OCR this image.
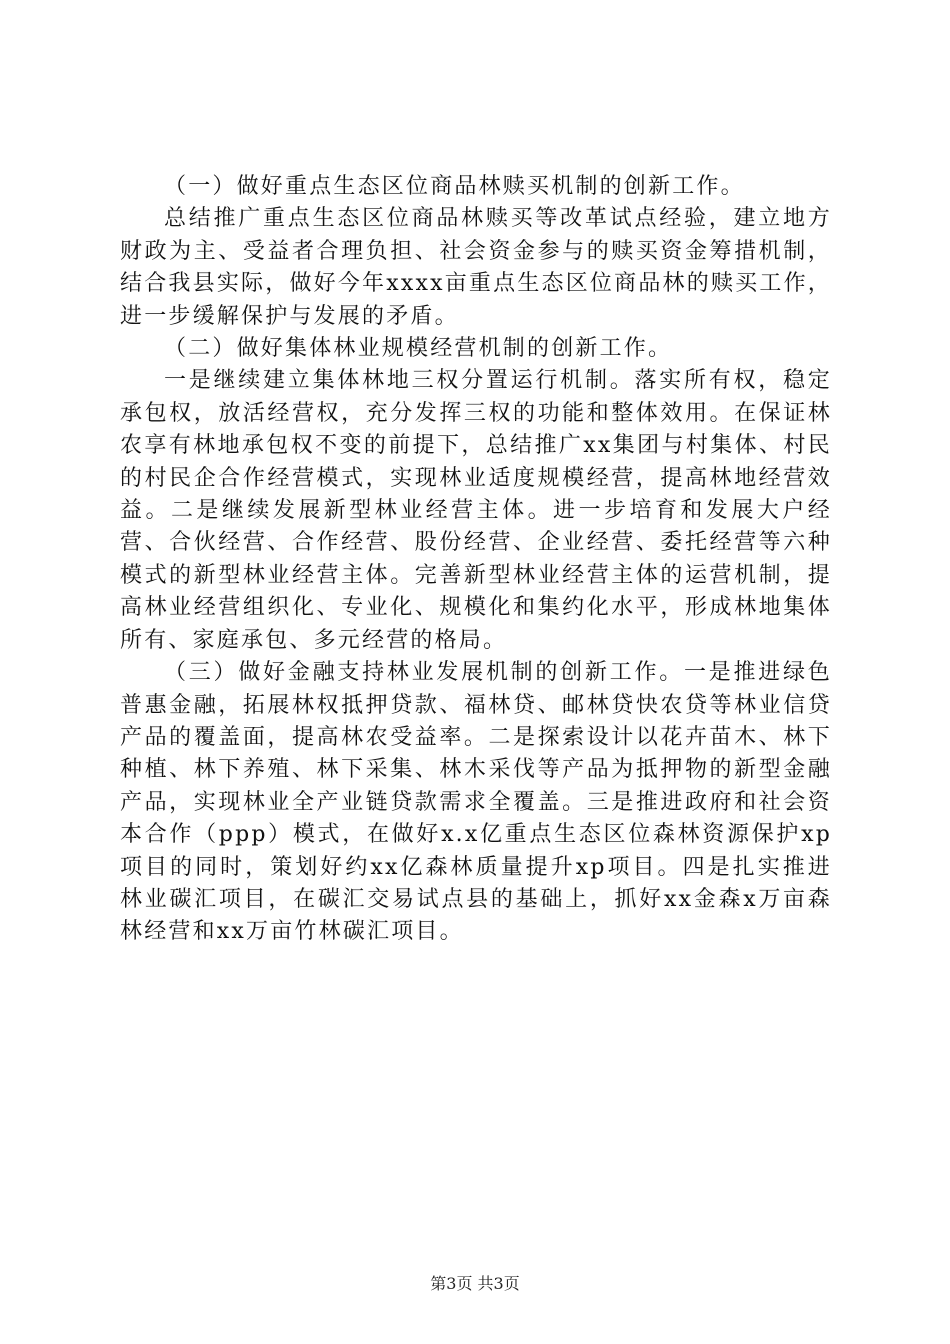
（一）做好重点生态区位商品林赎买机制的创新工作。

总结推广重点生态区位商品林赎买等改革试点经验，建立地方财政为主、受益者合理负担、社会资金参与的赎买资金筹措机制，结合我县实际，做好今年xxxx亩重点生态区位商品林的赎买工作，进一步缓解保护与发展的矛盾。

（二）做好集体林业规模经营机制的创新工作。

一是继续建立集体林地三权分置运行机制。落实所有权，稳定承包权，放活经营权，充分发挥三权的功能和整体效用。在保证林农享有林地承包权不变的前提下，总结推广xx集团与村集体、村民的村民企合作经营模式，实现林业适度规模经营，提高林地经营效益。二是继续发展新型林业经营主体。进一步培育和发展大户经营、合伙经营、合作经营、股份经营、企业经营、委托经营等六种模式的新型林业经营主体。完善新型林业经营主体的运营机制，提高林业经营组织化、专业化、规模化和集约化水平，形成林地集体所有、家庭承包、多元经营的格局。

（三）做好金融支持林业发展机制的创新工作。一是推进绿色普惠金融，拓展林权抵押贷款、福林贷、邮林贷快农贷等林业信贷产品的覆盖面，提高林农受益率。二是探索设计以花卉苗木、林下种植、林下养殖、林下采集、林木采伐等产品为抵押物的新型金融产品，实现林业全产业链贷款需求全覆盖。三是推进政府和社会资本合作（ppp）模式，在做好x.x亿重点生态区位森林资源保护xp项目的同时，策划好约xx亿森林质量提升xp项目。四是扎实推进林业碳汇项目，在碳汇交易试点县的基础上，抓好xx金森x万亩森林经营和xx万亩竹林碳汇项目。

第3页 共3页
